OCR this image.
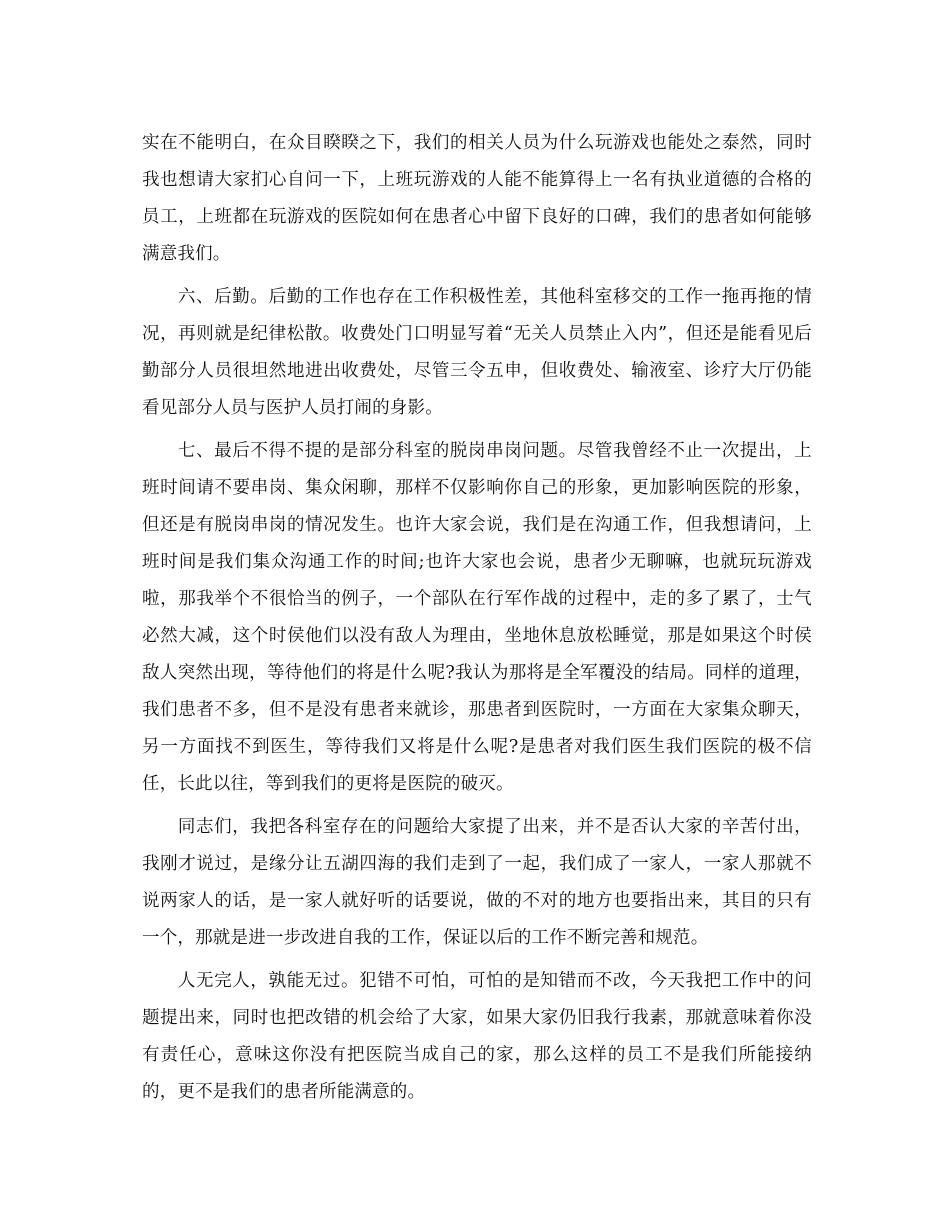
实在不能明白，在众目睽睽之下，我们的相关人员为什么玩游戏也能处之泰然，同时我也想请大家扪心自问一下，上班玩游戏的人能不能算得上一名有执业道德的合格的员工，上班都在玩游戏的医院如何在患者心中留下良好的口碑，我们的患者如何能够满意我们。

六、后勤。后勤的工作也存在工作积极性差，其他科室移交的工作一拖再拖的情况，再则就是纪律松散。收费处门口明显写着“无关人员禁止入内”，但还是能看见后勤部分人员很坦然地进出收费处，尽管三令五申，但收费处、输液室、诊疗大厅仍能看见部分人员与医护人员打闹的身影。

七、最后不得不提的是部分科室的脱岗串岗问题。尽管我曾经不止一次提出，上班时间请不要串岗、集众闲聊，那样不仅影响你自己的形象，更加影响医院的形象，但还是有脱岗串岗的情况发生。也许大家会说，我们是在沟通工作，但我想请问，上班时间是我们集众沟通工作的时间;也许大家也会说，患者少无聊嘛，也就玩玩游戏啦，那我举个不很恰当的例子，一个部队在行军作战的过程中，走的多了累了，士气必然大减，这个时侯他们以没有敌人为理由，坐地休息放松睡觉，那是如果这个时侯敌人突然出现，等待他们的将是什么呢?我认为那将是全军覆没的结局。同样的道理，我们患者不多，但不是没有患者来就诊，那患者到医院时，一方面在大家集众聊天，另一方面找不到医生，等待我们又将是什么呢?是患者对我们医生我们医院的极不信任，长此以往，等到我们的更将是医院的破灭。

同志们，我把各科室存在的问题给大家提了出来，并不是否认大家的辛苦付出，我刚才说过，是缘分让五湖四海的我们走到了一起，我们成了一家人，一家人那就不说两家人的话，是一家人就好听的话要说，做的不对的地方也要指出来，其目的只有一个，那就是进一步改进自我的工作，保证以后的工作不断完善和规范。

人无完人，孰能无过。犯错不可怕，可怕的是知错而不改，今天我把工作中的问题提出来，同时也把改错的机会给了大家，如果大家仍旧我行我素，那就意味着你没有责任心，意味这你没有把医院当成自己的家，那么这样的员工不是我们所能接纳的，更不是我们的患者所能满意的。
